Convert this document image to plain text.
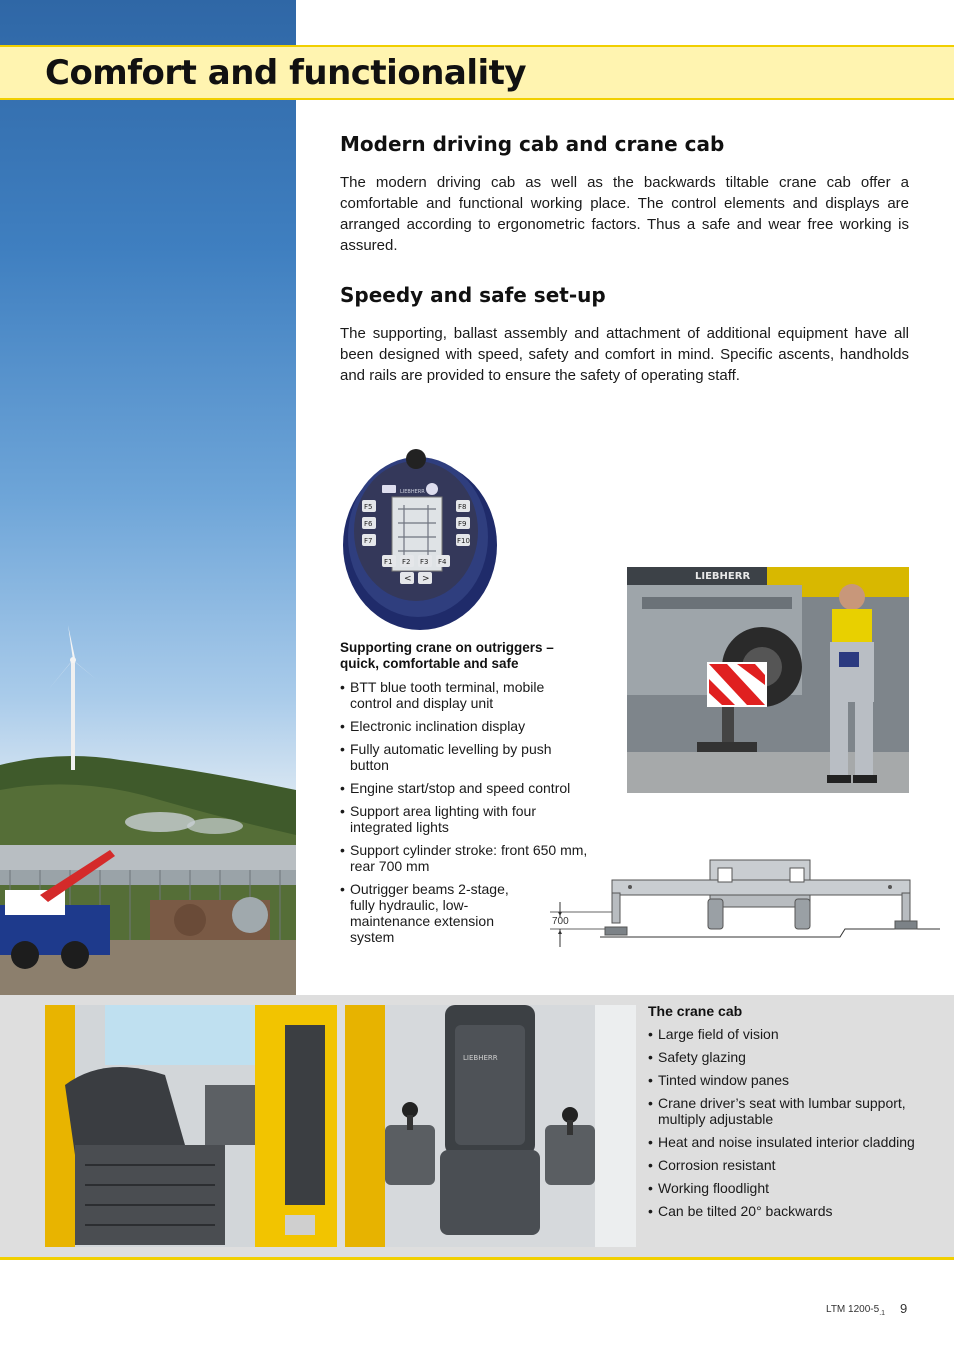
Comfort and functionality
Modern driving cab and crane cab

The modern driving cab as well as the backwards tiltable crane cab offer a comfortable and functional working place. The control elements and displays are arranged according to ergonometric factors. Thus a safe and wear free working is assured.

Speedy and safe set-up

The supporting, ballast assembly and attachment of additional equipment have all been designed with speed, safety and comfort in mind. Specific ascents, handholds and rails are provided to ensure the safety of operating staff.

LIEBHERR
F5
F6
F7
F8
F9
F10
F1 F2 F3 F4
< >
Supporting crane on outriggers – quick, comfortable and safe
• BTT blue tooth terminal, mobile control and display unit
• Electronic inclination display
• Fully automatic levelling by push button
• Engine start/stop and speed control
• Support area lighting with four integrated lights
• Support cylinder stroke: front 650 mm, rear 700 mm
• Outrigger beams 2-stage, fully hydraulic, low-maintenance extension system
LIEBHERR
700
LIEBHERR
The crane cab
• Large field of vision
• Safety glazing
• Tinted window panes
• Crane driver’s seat with lumbar support, multiply adjustable
• Heat and noise insulated interior cladding
• Corrosion resistant
• Working floodlight
• Can be tilted 20° backwards
LTM $1200-5_{.1}$ 9
